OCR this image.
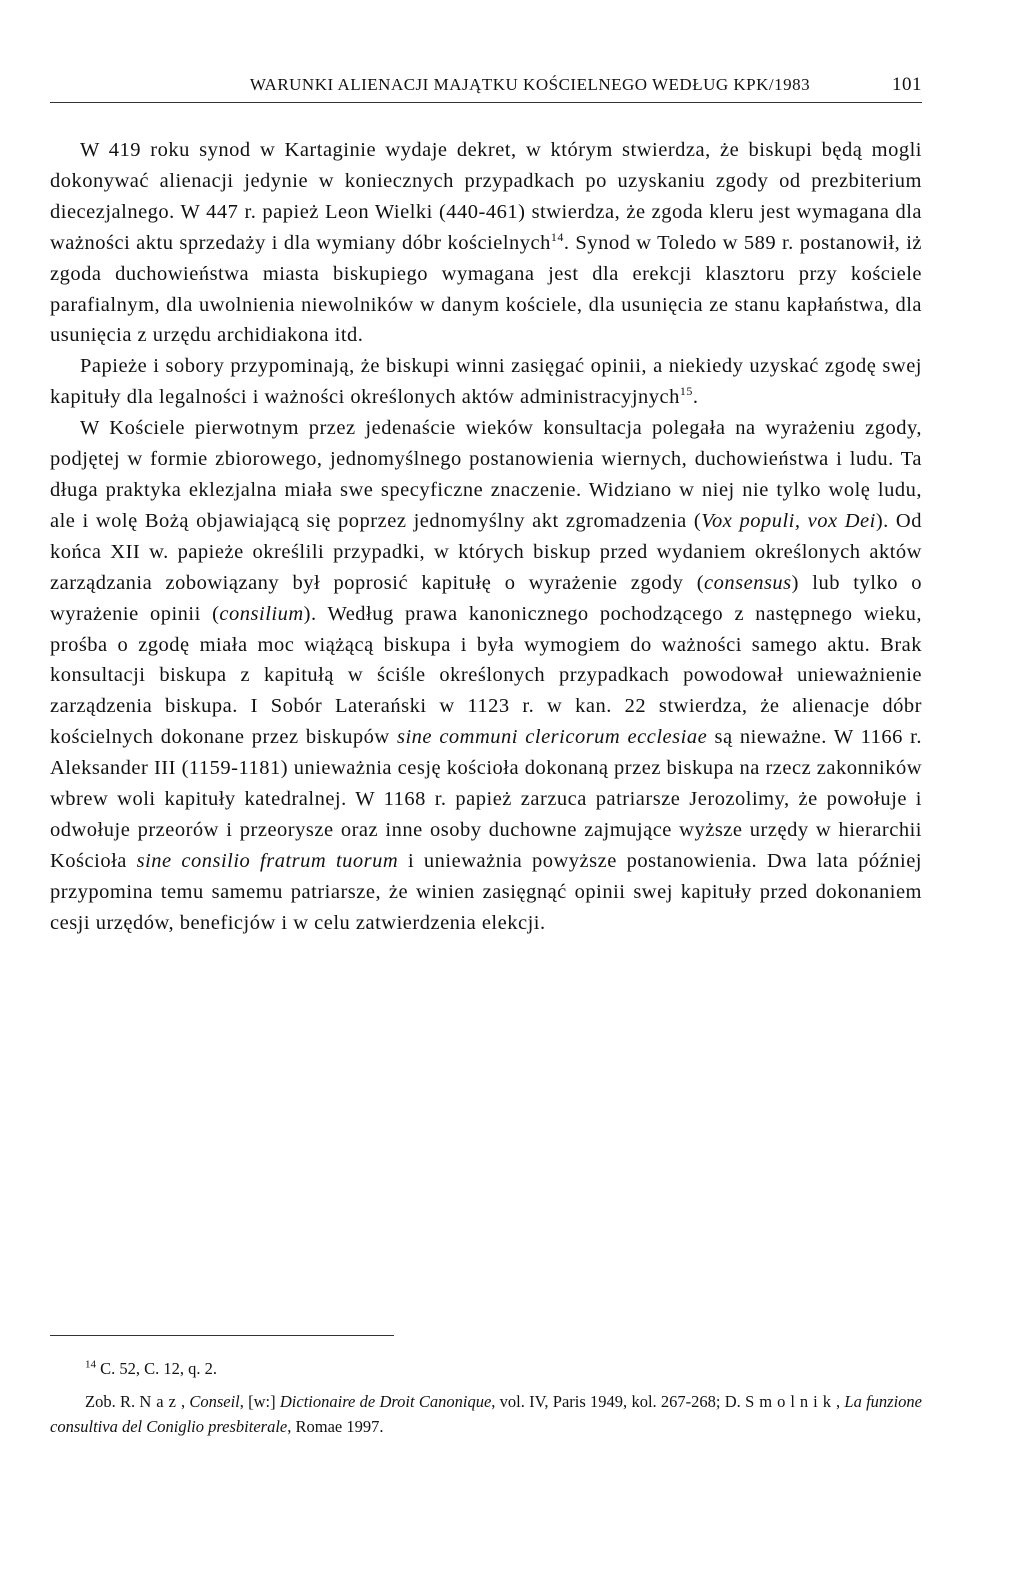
WARUNKI ALIENACJI MAJĄTKU KOŚCIELNEGO WEDŁUG KPK/1983	101

W 419 roku synod w Kartaginie wydaje dekret, w którym stwierdza, że biskupi będą mogli dokonywać alienacji jedynie w koniecznych przypadkach po uzyskaniu zgody od prezbiterium diecezjalnego. W 447 r. papież Leon Wielki (440-461) stwierdza, że zgoda kleru jest wymagana dla ważności aktu sprzedaży i dla wymiany dóbr kościelnych$^{14}$. Synod w Toledo w 589 r. postanowił, iż zgoda duchowieństwa miasta biskupiego wymagana jest dla erekcji klasztoru przy kościele parafialnym, dla uwolnienia niewolników w danym kościele, dla usunięcia ze stanu kapłaństwa, dla usunięcia z urzędu archidiakona itd.

Papieże i sobory przypominają, że biskupi winni zasięgać opinii, a niekiedy uzyskać zgodę swej kapituły dla legalności i ważności określonych aktów administracyjnych$^{15}$.

W Kościele pierwotnym przez jedenaście wieków konsultacja polegała na wyrażeniu zgody, podjętej w formie zbiorowego, jednomyślnego postanowienia wiernych, duchowieństwa i ludu. Ta długa praktyka eklezjalna miała swe specyficzne znaczenie. Widziano w niej nie tylko wolę ludu, ale i wolę Bożą objawiającą się poprzez jednomyślny akt zgromadzenia (Vox populi, vox Dei). Od końca XII w. papieże określili przypadki, w których biskup przed wydaniem określonych aktów zarządzania zobowiązany był poprosić kapitułę o wyrażenie zgody (consensus) lub tylko o wyrażenie opinii (consilium). Według prawa kanonicznego pochodzącego z następnego wieku, prośba o zgodę miała moc wiążącą biskupa i była wymogiem do ważności samego aktu. Brak konsultacji biskupa z kapitułą w ściśle określonych przypadkach powodował unieważnienie zarządzenia biskupa. I Sobór Laterański w 1123 r. w kan. 22 stwierdza, że alienacje dóbr kościelnych dokonane przez biskupów sine communi clericorum ecclesiae są nieważne. W 1166 r. Aleksander III (1159-1181) unieważnia cesję kościoła dokonaną przez biskupa na rzecz zakonników wbrew woli kapituły katedralnej. W 1168 r. papież zarzuca patriarsze Jerozolimy, że powołuje i odwołuje przeorów i przeorysze oraz inne osoby duchowne zajmujące wyższe urzędy w hierarchii Kościoła sine consilio fratrum tuorum i unieważnia powyższe postanowienia. Dwa lata później przypomina temu samemu patriarsze, że winien zasięgnąć opinii swej kapituły przed dokonaniem cesji urzędów, beneficjów i w celu zatwierdzenia elekcji.

$^{14}$ C. 52, C. 12, q. 2.

Zob. R. Naz, Conseil, [w:] Dictionaire de Droit Canonique, vol. IV, Paris 1949, kol. 267-268; D. Smolnik, La funzione consultiva del Coniglio presbiterale, Romae 1997.
